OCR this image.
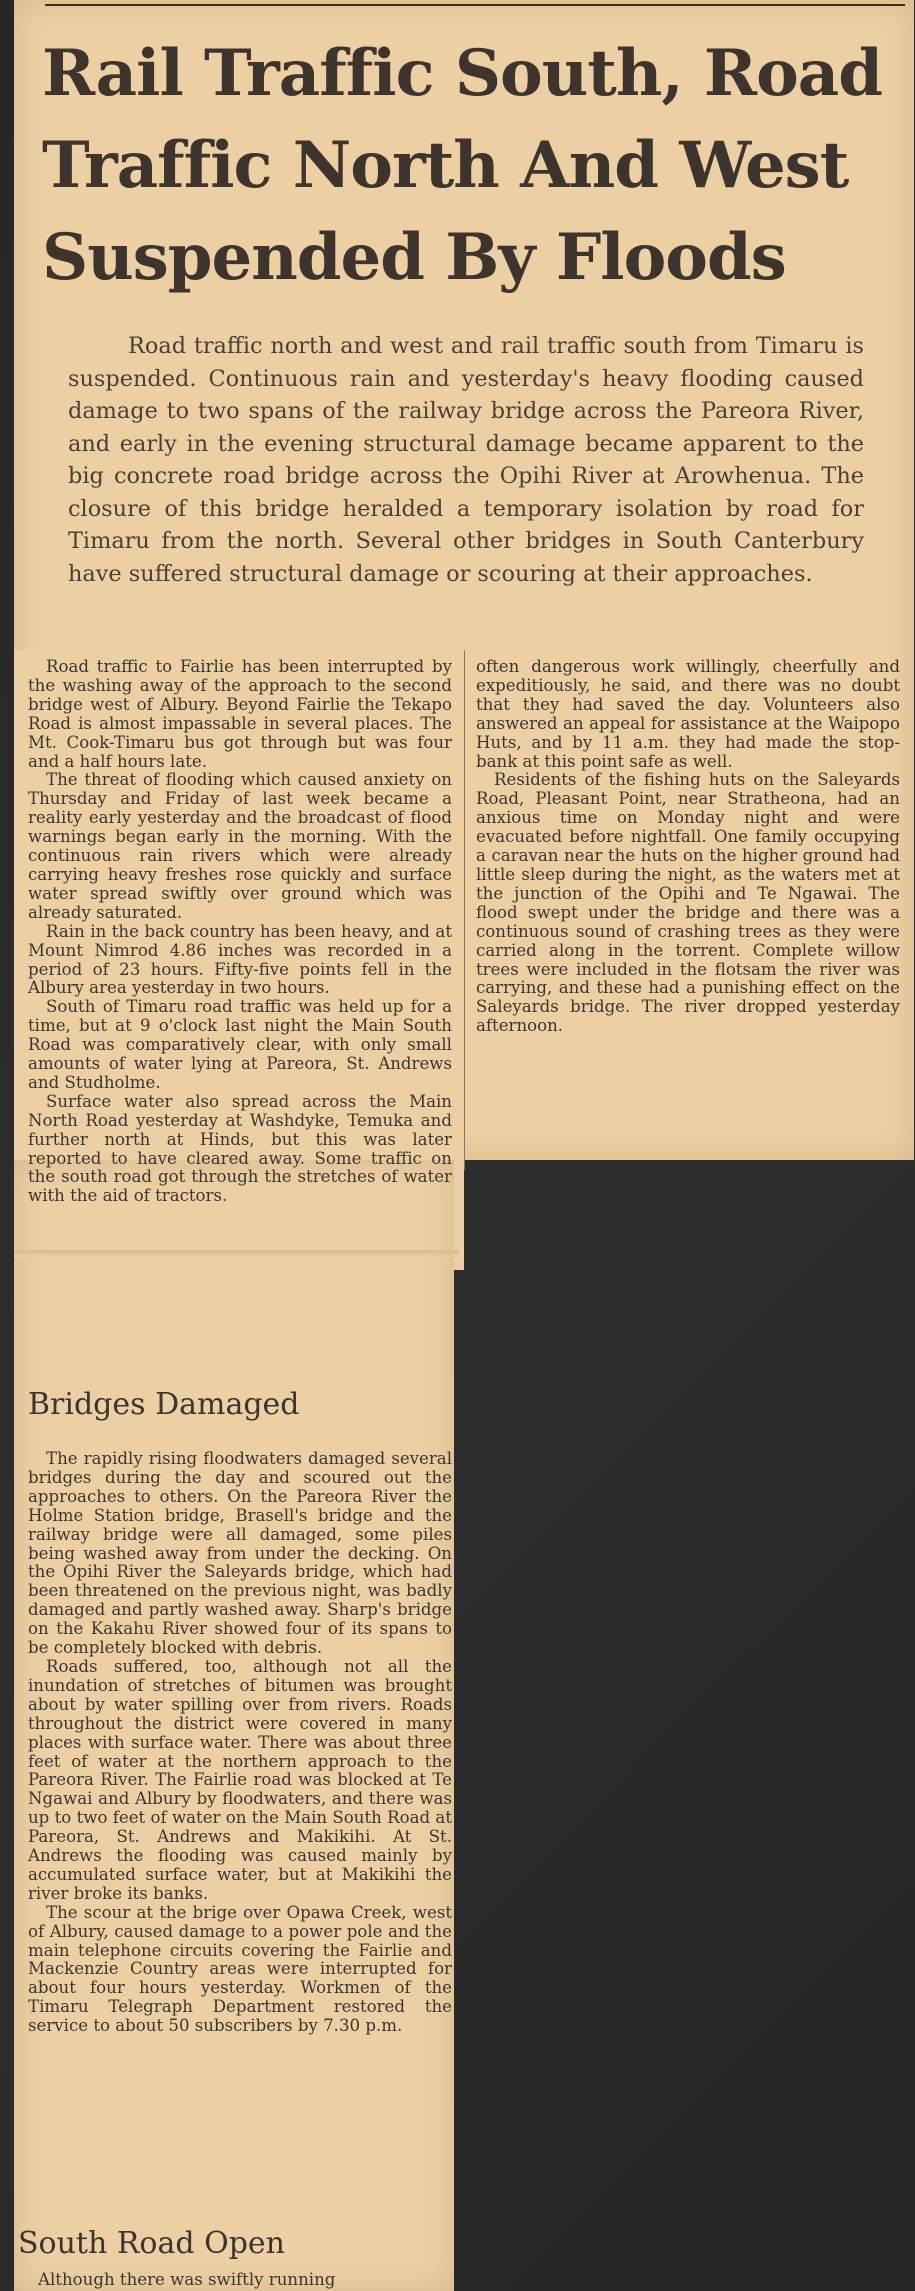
Rail Traffic South, Road Traffic North And West Suspended By Floods

Road traffic north and west and rail traffic south from Timaru is suspended. Continuous rain and yesterday's heavy flooding caused damage to two spans of the railway bridge across the Pareora River, and early in the evening structural damage became apparent to the big concrete road bridge across the Opihi River at Arowhenua. The closure of this bridge heralded a temporary isolation by road for Timaru from the north. Several other bridges in South Canterbury have suffered structural damage or scouring at their approaches.

Road traffic to Fairlie has been interrupted by the washing away of the approach to the second bridge west of Albury. Beyond Fairlie the Tekapo Road is almost impassable in several places. The Mt. Cook-Timaru bus got through but was four and a half hours late.

The threat of flooding which caused anxiety on Thursday and Friday of last week became a reality early yesterday and the broadcast of flood warnings began early in the morning. With the continuous rain rivers which were already carrying heavy freshes rose quickly and surface water spread swiftly over ground which was already saturated.

Rain in the back country has been heavy, and at Mount Nimrod 4.86 inches was recorded in a period of 23 hours. Fifty-five points fell in the Albury area yesterday in two hours.

South of Timaru road traffic was held up for a time, but at 9 o'clock last night the Main South Road was comparatively clear, with only small amounts of water lying at Pareora, St. Andrews and Studholme.

Surface water also spread across the Main North Road yesterday at Washdyke, Temuka and further north at Hinds, but this was later reported to have cleared away. Some traffic on the south road got through the stretches of water with the aid of tractors.

often dangerous work willingly, cheerfully and expeditiously, he said, and there was no doubt that they had saved the day. Volunteers also answered an appeal for assistance at the Waipopo Huts, and by 11 a.m. they had made the stop-bank at this point safe as well.

Residents of the fishing huts on the Saleyards Road, Pleasant Point, near Stratheona, had an anxious time on Monday night and were evacuated before nightfall. One family occupying a caravan near the huts on the higher ground had little sleep during the night, as the waters met at the junction of the Opihi and Te Ngawai. The flood swept under the bridge and there was a continuous sound of crashing trees as they were carried along in the torrent. Complete willow trees were included in the flotsam the river was carrying, and these had a punishing effect on the Saleyards bridge. The river dropped yesterday afternoon.

Bridges Damaged

The rapidly rising floodwaters damaged several bridges during the day and scoured out the approaches to others. On the Pareora River the Holme Station bridge, Brasell's bridge and the railway bridge were all damaged, some piles being washed away from under the decking. On the Opihi River the Saleyards bridge, which had been threatened on the previous night, was badly damaged and partly washed away. Sharp's bridge on the Kakahu River showed four of its spans to be completely blocked with debris.

Roads suffered, too, although not all the inundation of stretches of bitumen was brought about by water spilling over from rivers. Roads throughout the district were covered in many places with surface water. There was about three feet of water at the northern approach to the Pareora River. The Fairlie road was blocked at Te Ngawai and Albury by floodwaters, and there was up to two feet of water on the Main South Road at Pareora, St. Andrews and Makikihi. At St. Andrews the flooding was caused mainly by accumulated surface water, but at Makikihi the river broke its banks.

The scour at the brige over Opawa Creek, west of Albury, caused damage to a power pole and the main telephone circuits covering the Fairlie and Mackenzie Country areas were interrupted for about four hours yesterday. Workmen of the Timaru Telegraph Department restored the service to about 50 subscribers by 7.30 p.m.

South Road Open

Although there was swiftly running
